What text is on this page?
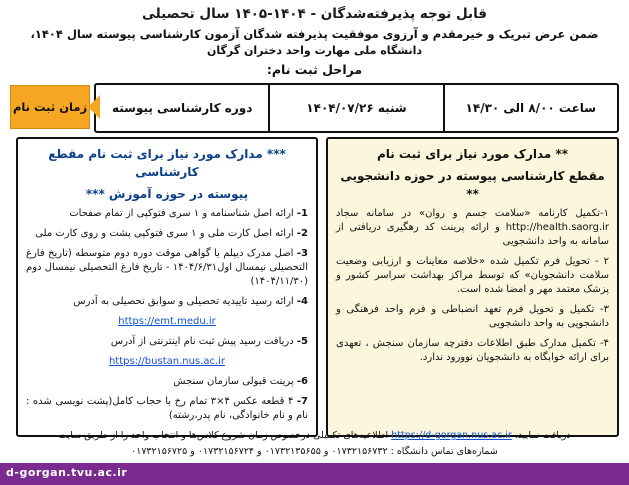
قابل توجه پذیرفته‌شدگان - ۱۴۰۴-۱۴۰۵ سال تحصیلی
ضمن عرض تبریک و خیرمقدم و آرزوی موفقیت پذیرفته شدگان آزمون کارشناسی پیوسته سال ۱۴۰۴،
دانشگاه ملی مهارت واحد دختران گرگان
مراحل ثبت نام:
ساعت ۸/۰۰ الی ۱۴/۳۰
شنبه ۱۴۰۴/۰۷/۲۶
دوره کارشناسی پیوسته
زمان ثبت نام
** مدارک مورد نیاز برای ثبت نام
مقطع کارشناسی پیوسته در حوزه دانشجویی **
۱-تکمیل کارنامه «سلامت جسم و روان» در سامانه سجاد http://health.saorg.ir و ارائه پرینت کد رهگیری دریافتی از سامانه به واحد دانشجویی
۲ - تحویل فرم تکمیل شده «خلاصه معاینات و ارزیابی وضعیت سلامت دانشجویان» که توسط مراکز بهداشت سراسر کشور و پزشک معتمد مهر و امضا شده است.
۳- تکمیل و تحویل فرم تعهد انضباطی و فرم واحد فرهنگی و دانشجویی به واحد دانشجویی
۴- تکمیل مدارک طبق اطلاعات دفترچه سازمان سنجش ، تعهدی برای ارائه خوابگاه به دانشجویان نوورود ندارد.
*** مدارک مورد نیاز برای ثبت نام مقطع کارشناسی
پیوسته در حوزه آموزش ***
1- ارائه اصل شناسنامه و ۱ سری فتوکپی از تمام صفحات
2- ارائه اصل کارت ملی و ۱ سری فتوکپی پشت و روی کارت ملی
3- اصل مدرک دیپلم یا گواهی موقت دوره دوم متوسطه (تاریخ فارغ التحصیلی نیمسال اول۱۴۰۴/۶/۳۱ - تاریخ فارغ التحصیلی نیمسال دوم (۱۴۰۴/۱۱/۳۰)
4- ارائه رسید تاییدیه تحصیلی و سوابق تحصیلی به آدرس
https://emt.medu.ir
5- دریافت رسید پیش ثبت نام اینترنتی از آدرس
https://bustan.nus.ac.ir
6- پرینت قبولی سازمان سنجش
7- ۴ قطعه عکس ۴×۳ تمام رخ با حجاب کامل(پشت نویسی شده : نام و نام خانوادگی، نام پدر،رشته)
دریافت نمایید. https://d-gorgan.nus.ac.ir اطلاعیه‌های تکمیلی درخصوص زمان شروع کلاس‌ها و انتخاب واحد را از طریق سایت
شماره‌های تماس دانشگاه : ۰۱۷۳۲۱۵۶۷۳۲ و ۰۱۷۳۲۱۳۵۶۵۵ و ۰۱۷۳۲۱۵۶۷۲۴ و ۰۱۷۳۲۱۵۶۷۲۵
d-gorgan.tvu.ac.ir
